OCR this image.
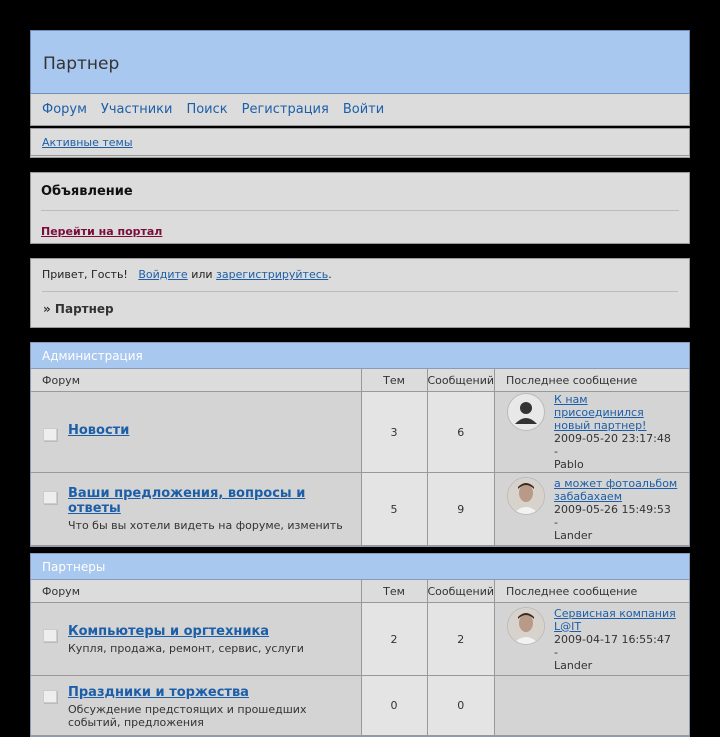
Партнер
Форум Участники Поиск Регистрация Войти
Активные темы
Объявление
Перейти на портал
Привет, Гость! Войдите или зарегистрируйтесь.
» Партнер
Администрация
Форум	Тем	Сообщений	Последнее сообщение

Новости	3	6	К нам присоединился
новый партнер!
2009-05-20 23:17:48 -
Pablo

Ваши предложения, вопросы и
ответы
Что бы вы хотели видеть на форуме, изменить	5	9	а может фотоальбом
забабахаем
2009-05-26 15:49:53 -
Lander
Партнеры
Форум	Тем	Сообщений	Последнее сообщение

Компьютеры и оргтехника
Купля, продажа, ремонт, сервис, услуги	2	2	Сервисная компания
L@IT
2009-04-17 16:55:47 -
Lander

Праздники и торжества
Обсуждение предстоящих и прошедших
событий, предложения	0	0	
